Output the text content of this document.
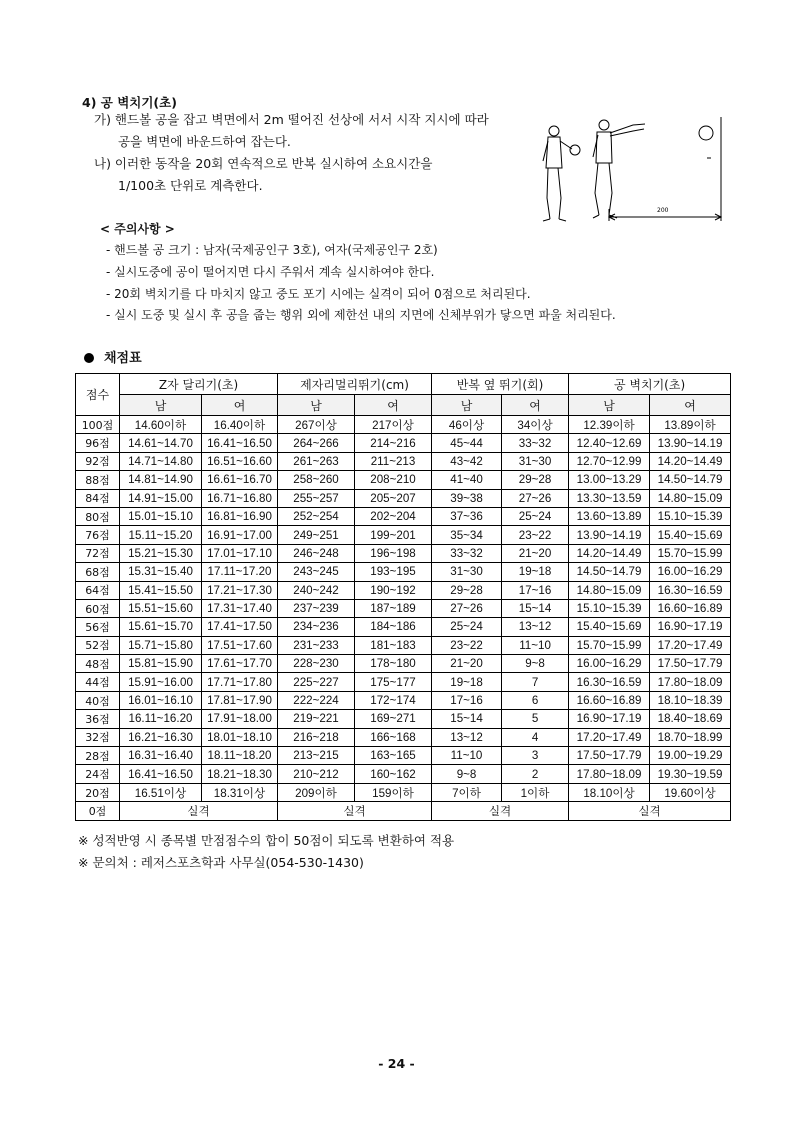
4) 공 벽치기(초)
가) 핸드볼 공을 잡고 벽면에서 2m 떨어진 선상에 서서 시작 지시에 따라
공을 벽면에 바운드하여 잡는다.
나) 이러한 동작을 20회 연속적으로 반복 실시하여 소요시간을
1/100초 단위로 계측한다.
200
< 주의사항 >
- 핸드볼 공 크기 : 남자(국제공인구 3호), 여자(국제공인구 2호)
- 실시도중에 공이 떨어지면 다시 주워서 계속 실시하여야 한다.
- 20회 벽치기를 다 마치지 않고 중도 포기 시에는 실격이 되어 0점으로 처리된다.
- 실시 도중 및 실시 후 공을 줍는 행위 외에 제한선 내의 지면에 신체부위가 닿으면 파울 처리된다.
채점표
점수	Z자 달리기(초)		제자리멀리뛰기(cm)		반복 옆 뛰기(회)		공 벽치기(초)	
	남	여	남	여	남	여	남	여
100점	14.60이하	16.40이하	267이상	217이상	46이상	34이상	12.39이하	13.89이하
96점	14.61~14.70	16.41~16.50	264~266	214~216	45~44	33~32	12.40~12.69	13.90~14.19
92점	14.71~14.80	16.51~16.60	261~263	211~213	43~42	31~30	12.70~12.99	14.20~14.49
88점	14.81~14.90	16.61~16.70	258~260	208~210	41~40	29~28	13.00~13.29	14.50~14.79
84점	14.91~15.00	16.71~16.80	255~257	205~207	39~38	27~26	13.30~13.59	14.80~15.09
80점	15.01~15.10	16.81~16.90	252~254	202~204	37~36	25~24	13.60~13.89	15.10~15.39
76점	15.11~15.20	16.91~17.00	249~251	199~201	35~34	23~22	13.90~14.19	15.40~15.69
72점	15.21~15.30	17.01~17.10	246~248	196~198	33~32	21~20	14.20~14.49	15.70~15.99
68점	15.31~15.40	17.11~17.20	243~245	193~195	31~30	19~18	14.50~14.79	16.00~16.29
64점	15.41~15.50	17.21~17.30	240~242	190~192	29~28	17~16	14.80~15.09	16.30~16.59
60점	15.51~15.60	17.31~17.40	237~239	187~189	27~26	15~14	15.10~15.39	16.60~16.89
56점	15.61~15.70	17.41~17.50	234~236	184~186	25~24	13~12	15.40~15.69	16.90~17.19
52점	15.71~15.80	17.51~17.60	231~233	181~183	23~22	11~10	15.70~15.99	17.20~17.49
48점	15.81~15.90	17.61~17.70	228~230	178~180	21~20	9~8	16.00~16.29	17.50~17.79
44점	15.91~16.00	17.71~17.80	225~227	175~177	19~18	7	16.30~16.59	17.80~18.09
40점	16.01~16.10	17.81~17.90	222~224	172~174	17~16	6	16.60~16.89	18.10~18.39
36점	16.11~16.20	17.91~18.00	219~221	169~271	15~14	5	16.90~17.19	18.40~18.69
32점	16.21~16.30	18.01~18.10	216~218	166~168	13~12	4	17.20~17.49	18.70~18.99
28점	16.31~16.40	18.11~18.20	213~215	163~165	11~10	3	17.50~17.79	19.00~19.29
24점	16.41~16.50	18.21~18.30	210~212	160~162	9~8	2	17.80~18.09	19.30~19.59
20점	16.51이상	18.31이상	209이하	159이하	7이하	1이하	18.10이상	19.60이상
0점	실격		실격		실격		실격	
※ 성적반영 시 종목별 만점점수의 합이 50점이 되도록 변환하여 적용
※ 문의처 : 레저스포츠학과 사무실(054-530-1430)
- 24 -
